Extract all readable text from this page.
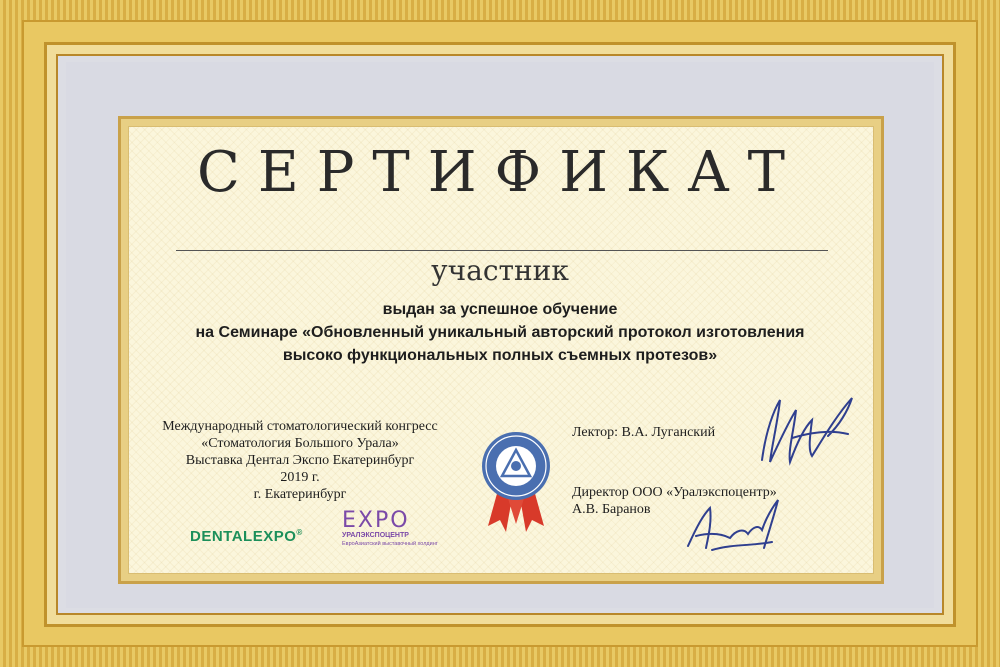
СЕРТИФИКАТ
участник
выдан за успешное обучение
на Семинаре «Обновленный уникальный авторский протокол изготовления
высоко функциональных полных съемных протезов»
Международный стоматологический конгресс
«Стоматология Большого Урала»
Выставка Дентал Экспо Екатеринбург
2019 г.
г. Екатеринбург
Лектор: В.А. Луганский
Директор ООО «Уралэкспоцентр»
А.В. Баранов
DENTALEXPO® EXPO
УРАЛЭКСПОЦЕНТР
ЕвроАзиатский выставочный холдинг
